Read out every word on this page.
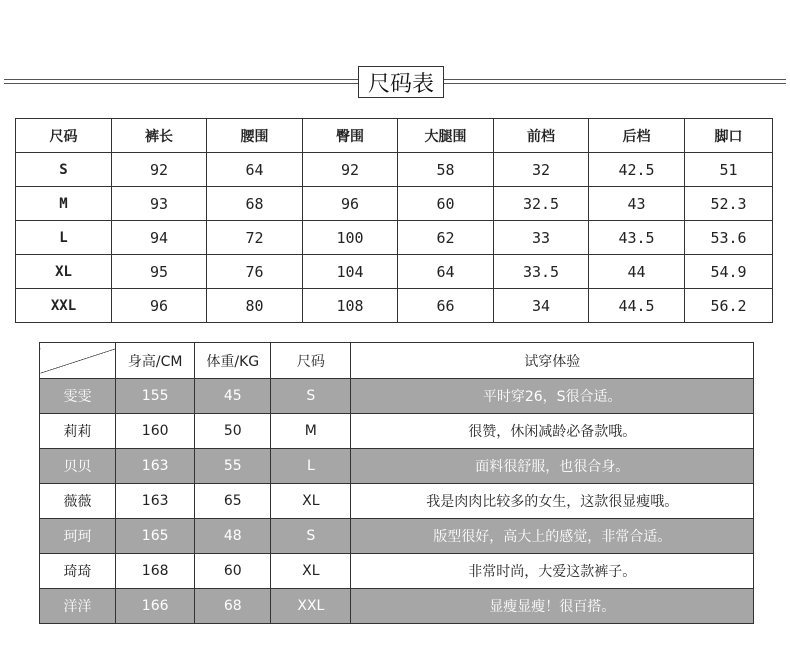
尺码表
尺码	裤长	腰围	臀围	大腿围	前档	后档	脚口
S	92	64	92	58	32	42.5	51
M	93	68	96	60	32.5	43	52.3
L	94	72	100	62	33	43.5	53.6
XL	95	76	104	64	33.5	44	54.9
XXL	96	80	108	66	34	44.5	56.2
	身高/CM	体重/KG	尺码	试穿体验
雯雯	155	45	S	平时穿26，S很合适。
莉莉	160	50	M	很赞，休闲减龄必备款哦。
贝贝	163	55	L	面料很舒服，也很合身。
薇薇	163	65	XL	我是肉肉比较多的女生，这款很显瘦哦。
珂珂	165	48	S	版型很好，高大上的感觉，非常合适。
琦琦	168	60	XL	非常时尚，大爱这款裤子。
洋洋	166	68	XXL	显瘦显瘦！很百搭。
